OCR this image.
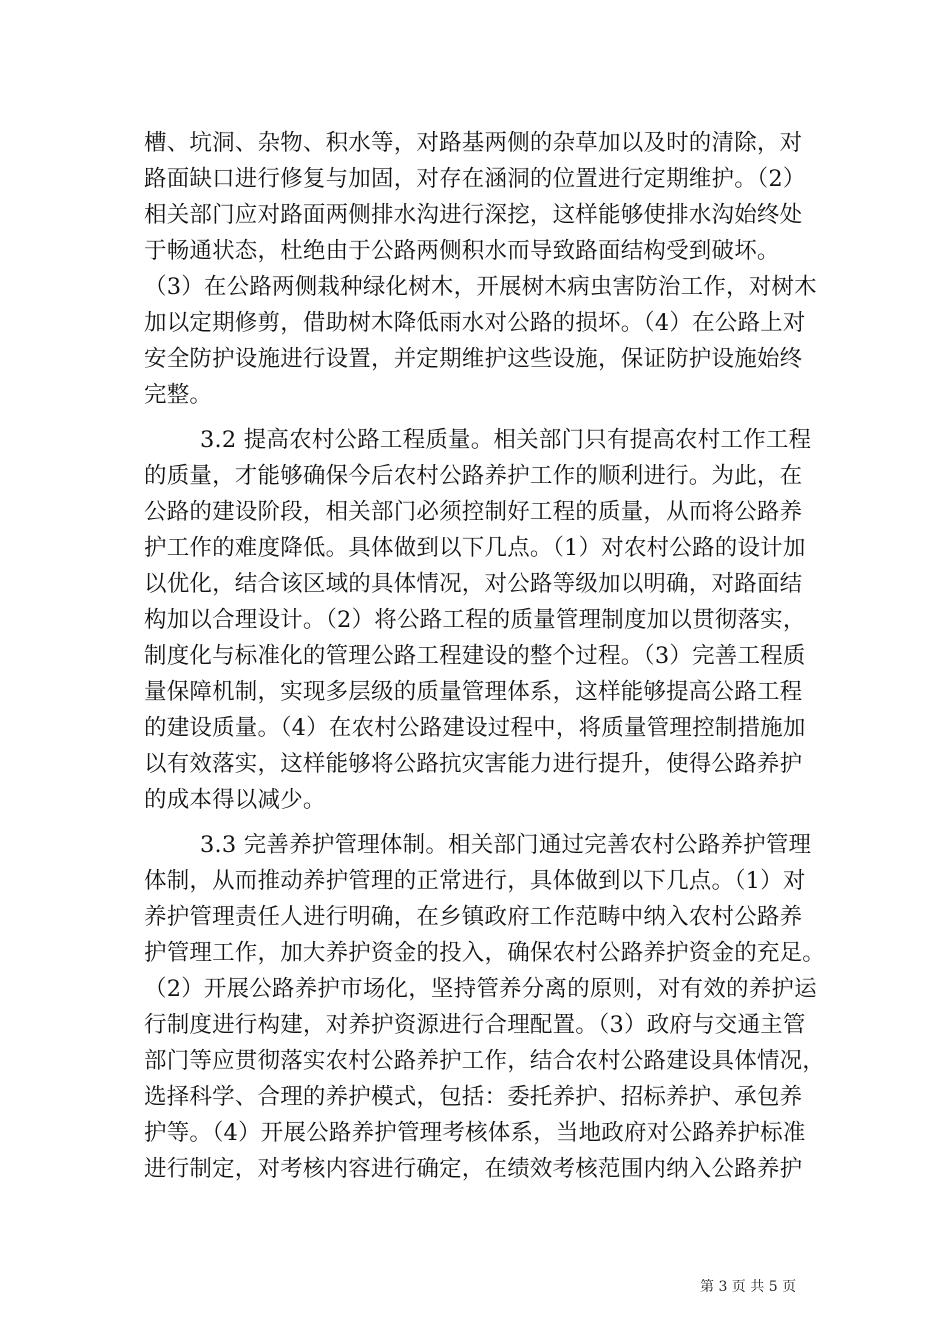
槽、坑洞、杂物、积水等，对路基两侧的杂草加以及时的清除，对
路面缺口进行修复与加固，对存在涵洞的位置进行定期维护。（2）
相关部门应对路面两侧排水沟进行深挖，这样能够使排水沟始终处
于畅通状态，杜绝由于公路两侧积水而导致路面结构受到破坏。
（3）在公路两侧栽种绿化树木，开展树木病虫害防治工作，对树木
加以定期修剪，借助树木降低雨水对公路的损坏。（4）在公路上对
安全防护设施进行设置，并定期维护这些设施，保证防护设施始终
完整。
3.2 提高农村公路工程质量。相关部门只有提高农村工作工程
的质量，才能够确保今后农村公路养护工作的顺利进行。为此，在
公路的建设阶段，相关部门必须控制好工程的质量，从而将公路养
护工作的难度降低。具体做到以下几点。（1）对农村公路的设计加
以优化，结合该区域的具体情况，对公路等级加以明确，对路面结
构加以合理设计。（2）将公路工程的质量管理制度加以贯彻落实，
制度化与标准化的管理公路工程建设的整个过程。（3）完善工程质
量保障机制，实现多层级的质量管理体系，这样能够提高公路工程
的建设质量。（4）在农村公路建设过程中，将质量管理控制措施加
以有效落实，这样能够将公路抗灾害能力进行提升，使得公路养护
的成本得以减少。
3.3 完善养护管理体制。相关部门通过完善农村公路养护管理
体制，从而推动养护管理的正常进行，具体做到以下几点。（1）对
养护管理责任人进行明确，在乡镇政府工作范畴中纳入农村公路养
护管理工作，加大养护资金的投入，确保农村公路养护资金的充足。
（2）开展公路养护市场化，坚持管养分离的原则，对有效的养护运
行制度进行构建，对养护资源进行合理配置。（3）政府与交通主管
部门等应贯彻落实农村公路养护工作，结合农村公路建设具体情况，
选择科学、合理的养护模式，包括：委托养护、招标养护、承包养
护等。（4）开展公路养护管理考核体系，当地政府对公路养护标准
进行制定，对考核内容进行确定，在绩效考核范围内纳入公路养护
第 3 页 共 5 页
